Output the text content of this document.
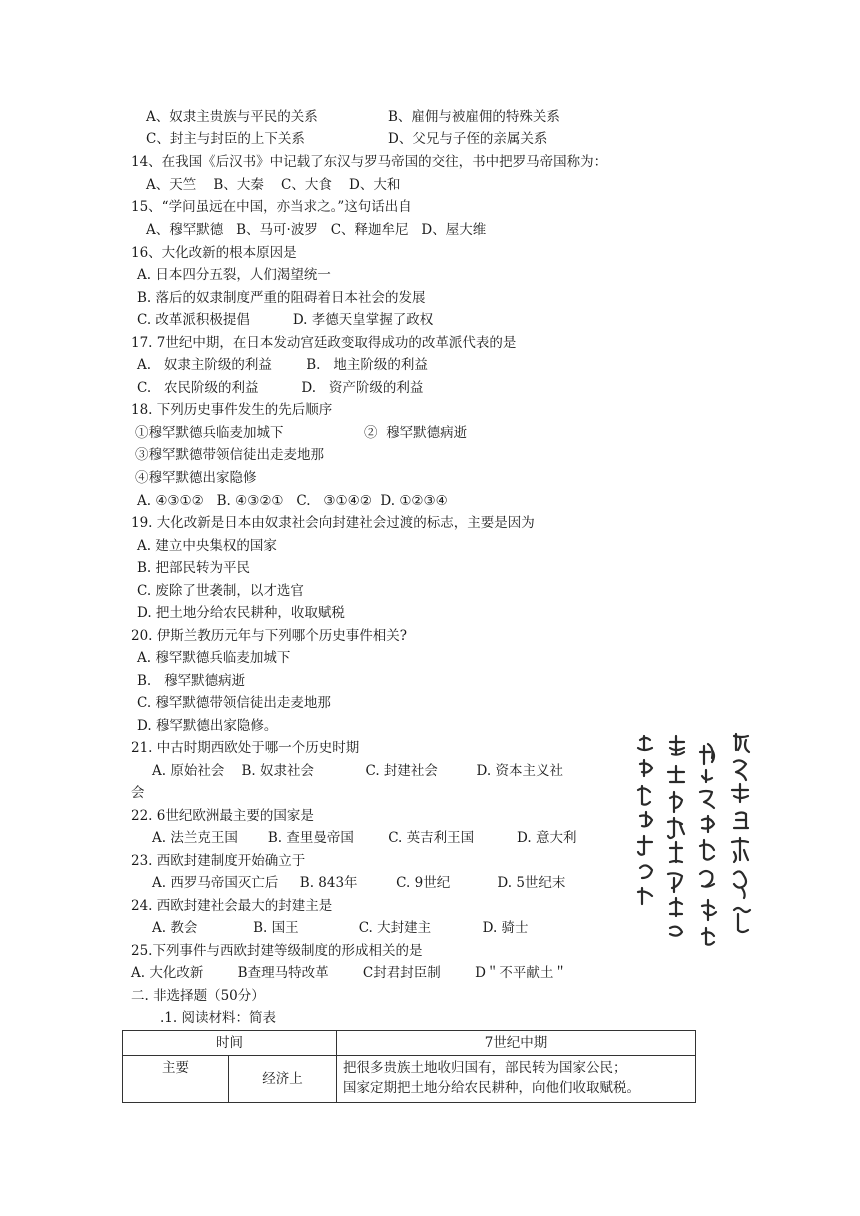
A、奴隶主贵族与平民的关系	B、雇佣与被雇佣的特殊关系
C、封主与封臣的上下关系	D、父兄与子侄的亲属关系
14、在我国《后汉书》中记载了东汉与罗马帝国的交往，书中把罗马帝国称为：
A、天竺    B、大秦    C、大食    D、大和
15、“学问虽远在中国，亦当求之。”这句话出自
A、穆罕默德   B、马可·波罗   C、释迦牟尼   D、屋大维
16、大化改新的根本原因是
A. 日本四分五裂，人们渴望统一
B. 落后的奴隶制度严重的阻碍着日本社会的发展
C. 改革派积极提倡          D. 孝德天皇掌握了政权
17. 7世纪中期，在日本发动宫廷政变取得成功的改革派代表的是
A.   奴隶主阶级的利益        B.   地主阶级的利益
C.   农民阶级的利益          D.   资产阶级的利益
18. 下列历史事件发生的先后顺序
①穆罕默德兵临麦加城下	②  穆罕默德病逝
③穆罕默德带领信徒出走麦地那
④穆罕默德出家隐修
A. ④③①②   B. ④③②①   C.   ③①④②  D. ①②③④
19. 大化改新是日本由奴隶社会向封建社会过渡的标志，主要是因为
A. 建立中央集权的国家
B. 把部民转为平民
C. 废除了世袭制，以才选官
D. 把土地分给农民耕种，收取赋税
20. 伊斯兰教历元年与下列哪个历史事件相关?
A. 穆罕默德兵临麦加城下
B.   穆罕默德病逝
C. 穆罕默德带领信徒出走麦地那
D. 穆罕默德出家隐修。
21. 中古时期西欧处于哪一个历史时期
A. 原始社会    B. 奴隶社会            C. 封建社会         D. 资本主义社
会
22. 6世纪欧洲最主要的国家是
A. 法兰克王国       B. 查里曼帝国        C. 英吉利王国          D. 意大利
23. 西欧封建制度开始确立于
A. 西罗马帝国灭亡后     B. 843年         C. 9世纪           D. 5世纪末
24. 西欧封建社会最大的封建主是
A. 教会             B. 国王              C. 大封建主            D. 骑士
25.下列事件与西欧封建等级制度的形成相关的是
A. 大化改新        B查理马特改革        C封君封臣制        D＂不平献土＂
二. 非选择题（50分）
.1. 阅读材料：简表
时间		7世纪中期
主要	经济上	把很多贵族土地收归国有，部民转为国家公民；
国家定期把土地分给农民耕种，向他们收取赋税。
